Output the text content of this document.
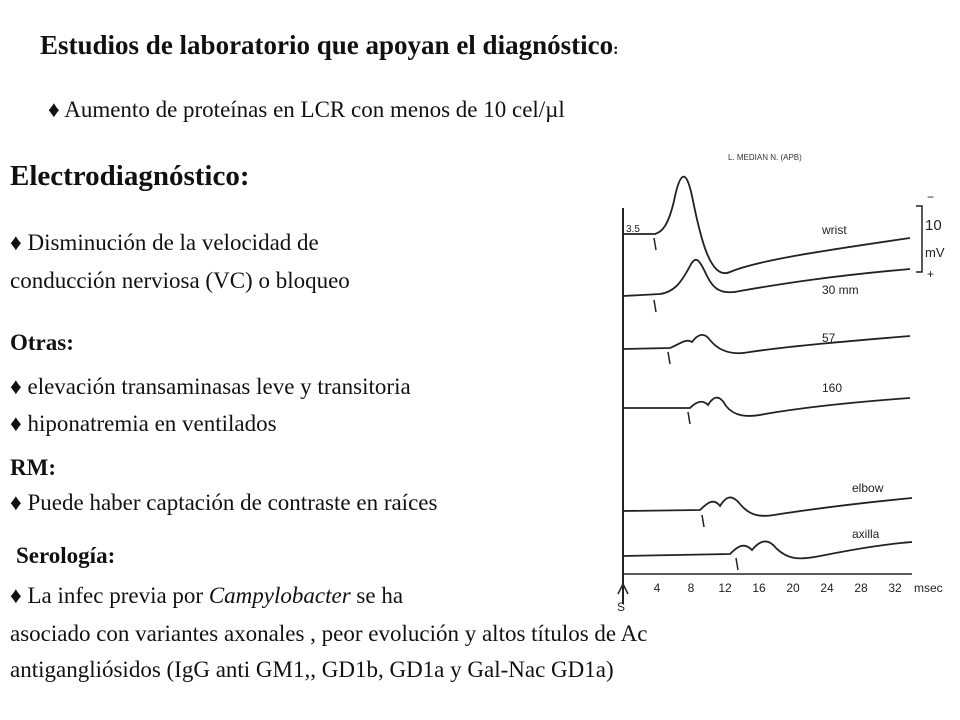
Estudios de laboratorio que apoyan el diagnóstico:
♦ Aumento de proteínas en LCR con menos de 10 cel/µl
Electrodiagnóstico:
♦ Disminución de la velocidad de
conducción nerviosa (VC) o bloqueo
Otras:
♦ elevación transaminasas leve y transitoria
♦ hiponatremia en ventilados
RM:
♦ Puede haber captación de contraste en raíces
Serología:
♦ La infec previa por Campylobacter se ha
asociado con variantes axonales , peor evolución y altos títulos de Ac
antigangliósidos (IgG anti GM1,, GD1b, GD1a y Gal-Nac GD1a)
L. MEDIAN N. (APB)
S
3.5
−
10
mV
+
wrist
30 mm
57
160
elbow
axilla
4 8 12 16 20 24 28 32 msec
